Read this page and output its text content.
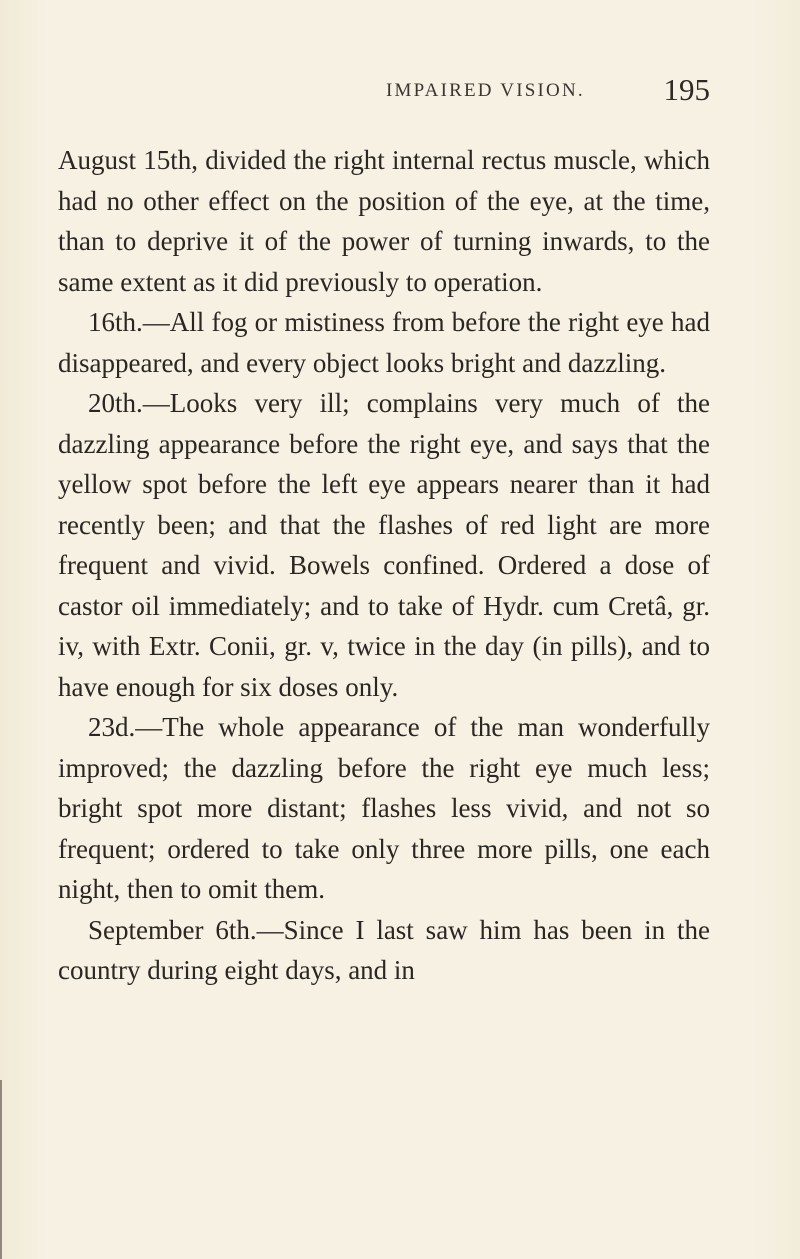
IMPAIRED VISION.	195

August 15th, divided the right internal rectus muscle, which had no other effect on the position of the eye, at the time, than to deprive it of the power of turning inwards, to the same extent as it did previously to operation.

16th.—All fog or mistiness from before the right eye had disappeared, and every object looks bright and dazzling.

20th.—Looks very ill; complains very much of the dazzling appearance before the right eye, and says that the yellow spot before the left eye appears nearer than it had recently been; and that the flashes of red light are more frequent and vivid. Bowels confined. Ordered a dose of castor oil immediately; and to take of Hydr. cum Cretâ, gr. iv, with Extr. Conii, gr. v, twice in the day (in pills), and to have enough for six doses only.

23d.—The whole appearance of the man wonderfully improved; the dazzling before the right eye much less; bright spot more distant; flashes less vivid, and not so frequent; ordered to take only three more pills, one each night, then to omit them.

September 6th.—Since I last saw him has been in the country during eight days, and in
